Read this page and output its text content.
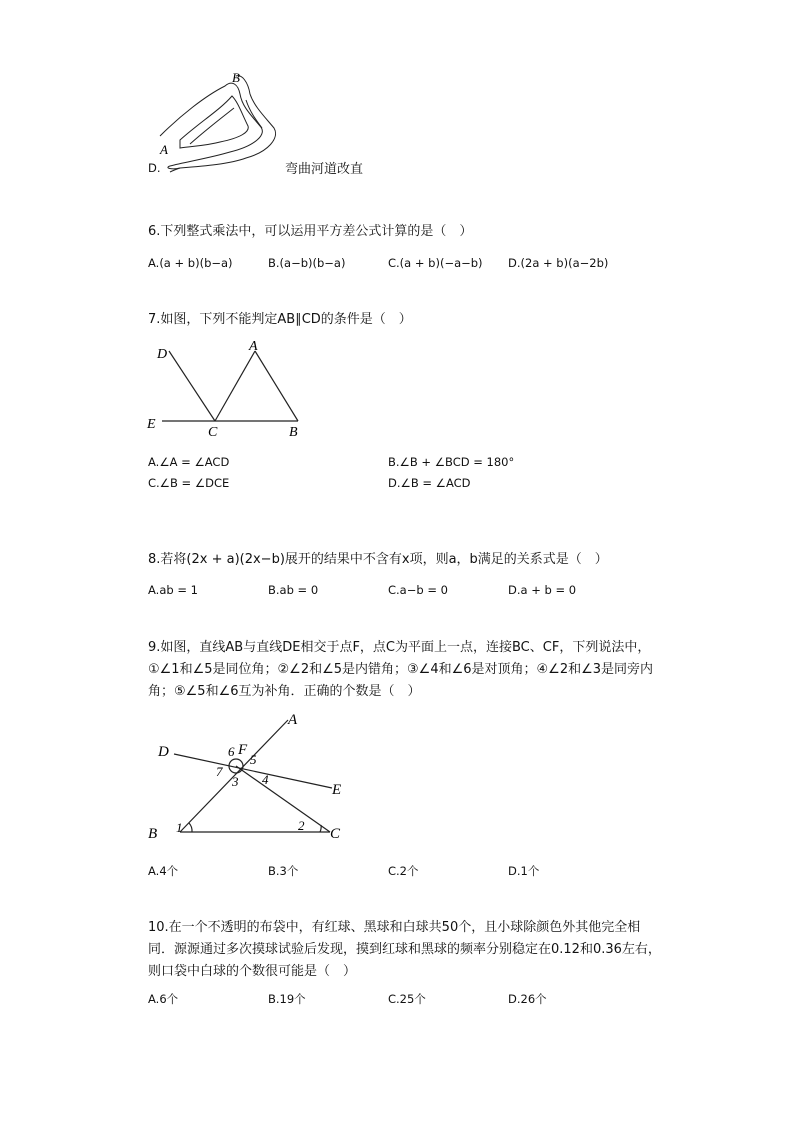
B
A
D.	弯曲河道改直
6.下列整式乘法中，可以运用平方差公式计算的是（　）
A.(a + b)(b−a)	B.(a−b)(b−a)	C.(a + b)(−a−b) D.(2a + b)(a−2b)
7.如图，下列不能判定AB∥CD的条件是（　）
D
A
E
C	B
A.∠A = ∠ACD	B.∠B + ∠BCD = 180°
C.∠B = ∠DCE	D.∠B = ∠ACD
8.若将(2x + a)(2x−b)展开的结果中不含有x项，则a，b满足的关系式是（　）
A.ab = 1	B.ab = 0	C.a−b = 0	D.a + b = 0
9.如图，直线AB与直线DE相交于点F，点C为平面上一点，连接BC、CF，下列说法中，
①∠1和∠5是同位角；②∠2和∠5是内错角；③∠4和∠6是对顶角；④∠2和∠3是同旁内
角；⑤∠5和∠6互为补角．正确的个数是（　）
A
D	F
E
B	C
1	2
3 4
5
6
7
A.4个	B.3个	C.2个	D.1个
10.在一个不透明的布袋中，有红球、黑球和白球共50个，且小球除颜色外其他完全相
同．源源通过多次摸球试验后发现，摸到红球和黑球的频率分别稳定在0.12和0.36左右，
则口袋中白球的个数很可能是（　）
A.6个	B.19个	C.25个	D.26个
